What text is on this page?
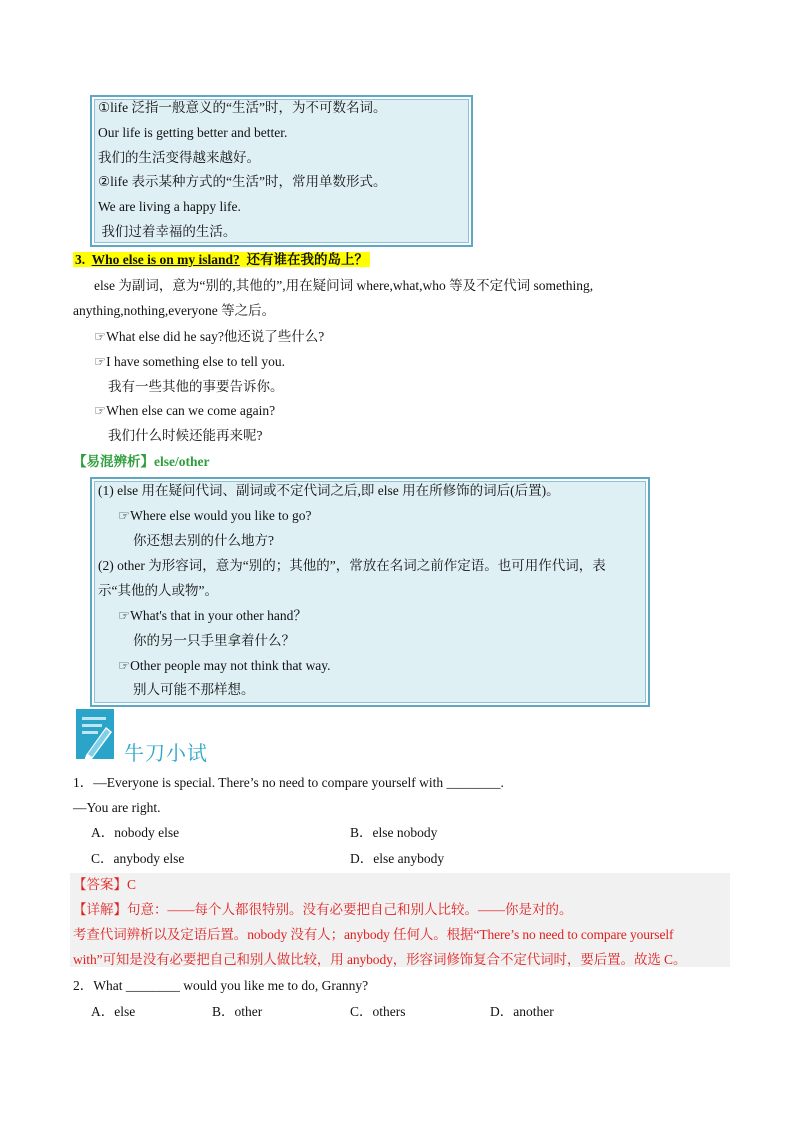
①life 泛指一般意义的“生活”时，为不可数名词。
Our life is getting better and better.
我们的生活变得越来越好。
②life 表示某种方式的“生活”时，常用单数形式。
We are living a happy life.
我们过着幸福的生活。
3. Who else is on my island? 还有谁在我的岛上？
else 为副词，意为“别的,其他的”,用在疑问词 where,what,who 等及不定代词 something,
anything,nothing,everyone 等之后。
☞What else did he say?他还说了些什么?
☞I have something else to tell you.
我有一些其他的事要告诉你。
☞When else can we come again?
我们什么时候还能再来呢?
【易混辨析】else/other
(1) else 用在疑问代词、副词或不定代词之后,即 else 用在所修饰的词后(后置)。
☞Where else would you like to go?
你还想去别的什么地方?
(2) other 为形容词，意为“别的；其他的”，常放在名词之前作定语。也可用作代词，表
示“其他的人或物”。
☞What's that in your other hand？
你的另一只手里拿着什么？
☞Other people may not think that way.
别人可能不那样想。
牛刀小试
1．—Everyone is special. There’s no need to compare yourself with ________.
—You are right.
A．nobody else	B．else nobody
C．anybody else	D．else anybody
【答案】C
【详解】句意：——每个人都很特别。没有必要把自己和别人比较。——你是对的。
考查代词辨析以及定语后置。nobody 没有人；anybody 任何人。根据“There’s no need to compare yourself
with”可知是没有必要把自己和别人做比较，用 anybody，形容词修饰复合不定代词时，要后置。故选 C。
2．What ________ would you like me to do, Granny?
A．else	B．other	C．others	D．another
